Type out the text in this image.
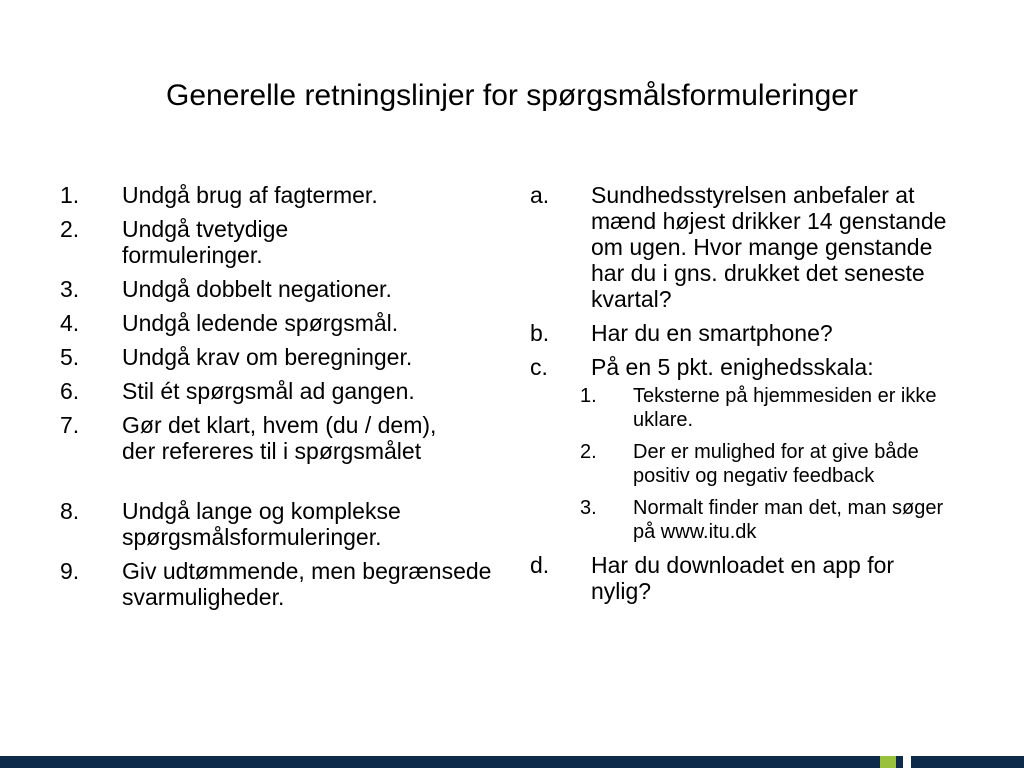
Generelle retningslinjer for spørgsmålsformuleringer
1.	Undgå brug af fagtermer.
2.	Undgå tvetydige formuleringer.
3.	Undgå dobbelt negationer.
4.	Undgå ledende spørgsmål.
5.	Undgå krav om beregninger.
6.	Stil ét spørgsmål ad gangen.
7.	Gør det klart, hvem (du / dem), der refereres til i spørgsmålet
8.	Undgå lange og komplekse spørgsmålsformuleringer.
9.	Giv udtømmende, men begrænsede svarmuligheder.
a.	Sundhedsstyrelsen anbefaler at mænd højest drikker 14 genstande om ugen. Hvor mange genstande har du i gns. drukket det seneste kvartal?
b.	Har du en smartphone?
c.	På en 5 pkt. enighedsskala:
1.	Teksterne på hjemmesiden er ikke uklare.
2.	Der er mulighed for at give både positiv og negativ feedback
3.	Normalt finder man det, man søger på www.itu.dk
d.	Har du downloadet en app for nylig?
